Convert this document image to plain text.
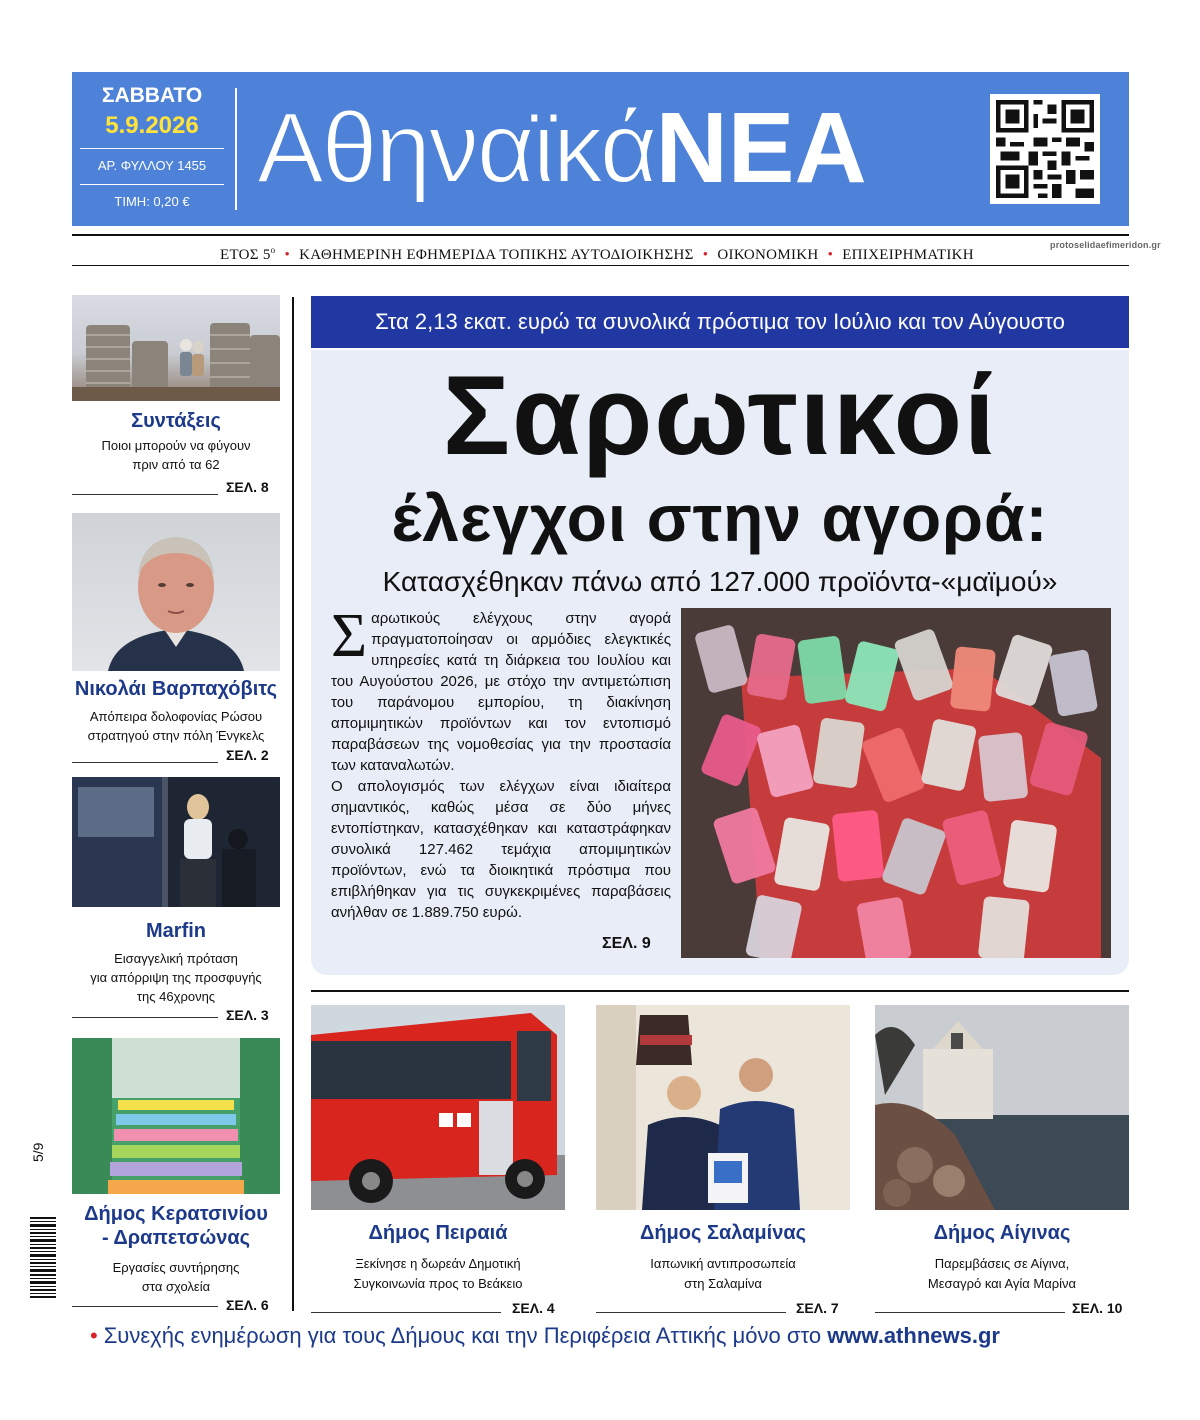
ΣΑΒΒΑΤΟ
5.9.2026
ΑΡ. ΦΥΛΛΟΥ 1455
ΤΙΜΗ: 0,20 € ΑθηναϊκάΝΕΑ
ΕΤΟΣ $5^o$ • ΚΑΘΗΜΕΡΙΝΗ ΕΦΗΜΕΡΙΔΑ ΤΟΠΙΚΗΣ ΑΥΤΟΔΙΟΙΚΗΣΗΣ • ΟΙΚΟΝΟΜΙΚΗ • ΕΠΙΧΕΙΡΗΜΑΤΙΚΗ
protoselidaefimeridon.gr
Συντάξεις
Ποιοι μπορούν να φύγουν
πριν από τα 62
ΣΕΛ. 8
Νικολάι Βαρπαχόβιτς
Απόπειρα δολοφονίας Ρώσου
στρατηγού στην πόλη Ένγκελς
ΣΕΛ. 2
Marfin
Εισαγγελική πρόταση
για απόρριψη της προσφυγής
της 46χρονης
ΣΕΛ. 3
Δήμος Κερατσινίου
- Δραπετσώνας
Εργασίες συντήρησης
στα σχολεία
ΣΕΛ. 6
Στα 2,13 εκατ. ευρώ τα συνολικά πρόστιμα τον Ιούλιο και τον Αύγουστο
Σαρωτικοί
έλεγχοι στην αγορά:
Κατασχέθηκαν πάνω από 127.000 προϊόντα-«μαϊμού»
Σαρωτικούς ελέγχους στην αγορά πραγματοποίησαν οι αρμόδιες ελεγκτικές υπηρεσίες κατά τη διάρκεια του Ιουλίου και του Αυγούστου 2026, με στόχο την αντιμετώπιση του παράνομου εμπορίου, τη διακίνηση απομιμητικών προϊόντων και τον εντοπισμό παραβάσεων της νομοθεσίας για την προστασία των καταναλωτών.
Ο απολογισμός των ελέγχων είναι ιδιαίτερα σημαντικός, καθώς μέσα σε δύο μήνες εντοπίστηκαν, κατασχέθηκαν και καταστράφηκαν συνολικά 127.462 τεμάχια απομιμητικών προϊόντων, ενώ τα διοικητικά πρόστιμα που επιβλήθηκαν για τις συγκεκριμένες παραβάσεις ανήλθαν σε 1.889.750 ευρώ.
ΣΕΛ. 9
Δήμος Πειραιά
Ξεκίνησε η δωρεάν Δημοτική
Συγκοινωνία προς το Βεάκειο
Δήμος Σαλαμίνας
Ιαπωνική αντιπροσωπεία
στη Σαλαμίνα
Δήμος Αίγινας
Παρεμβάσεις σε Αίγινα,
Μεσαγρό και Αγία Μαρίνα
ΣΕΛ. 4	ΣΕΛ. 7	ΣΕΛ. 10
• Συνεχής ενημέρωση για τους Δήμους και την Περιφέρεια Αττικής μόνο στο www.athnews.gr
5/9
